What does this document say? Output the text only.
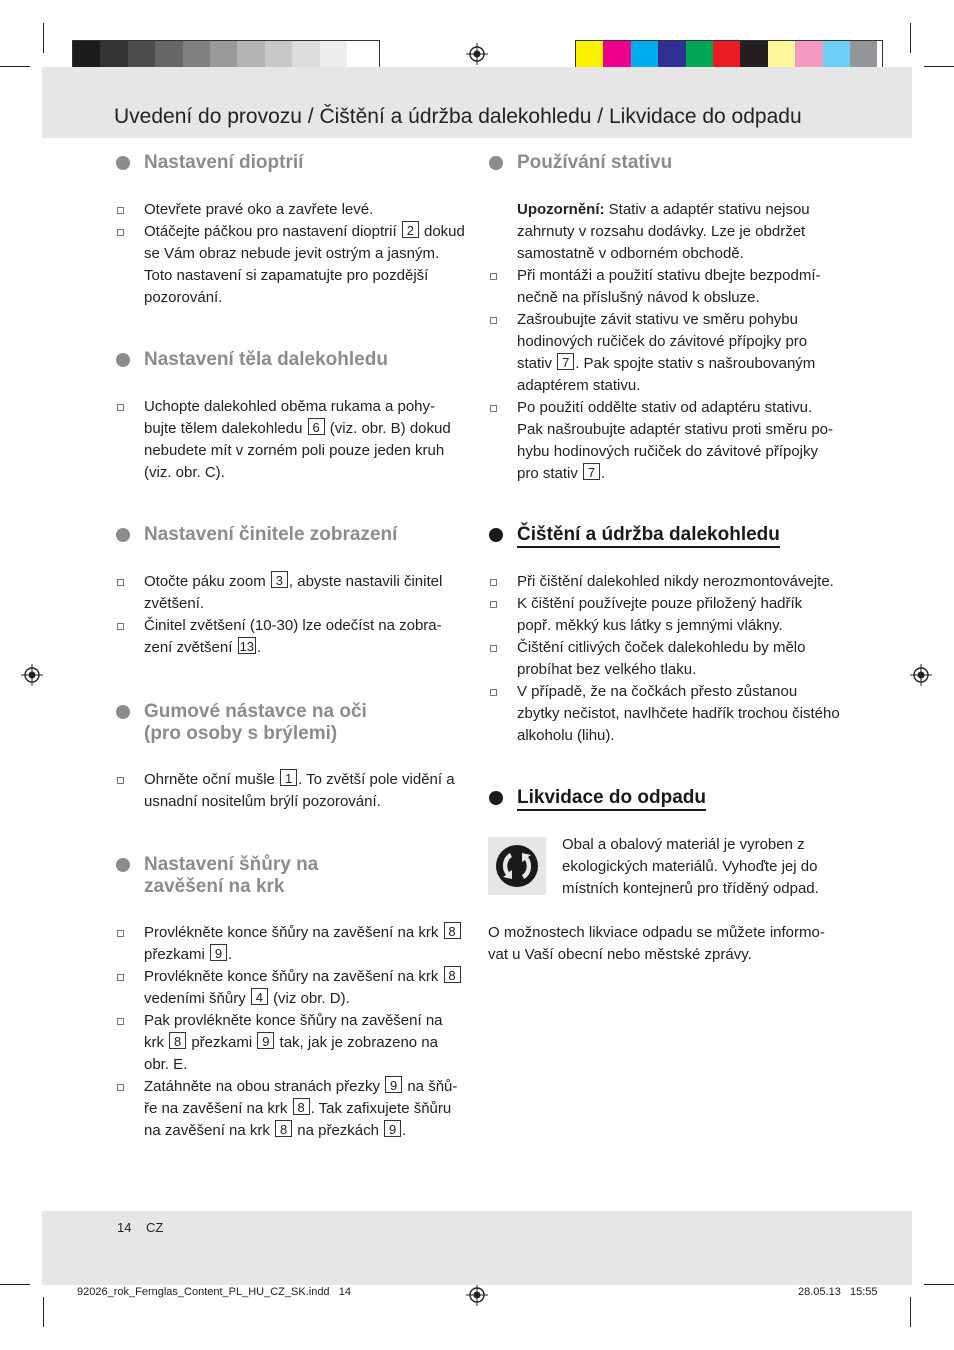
Uvedení do provozu / Čištění a údržba dalekohledu / Likvidace do odpadu
Nastavení dioptrií
Otevřete pravé oko a zavřete levé.
Otáčejte páčkou pro nastavení dioptrií 2 dokud
se Vám obraz nebude jevit ostrým a jasným.
Toto nastavení si zapamatujte pro pozdější
pozorování.
Nastavení těla dalekohledu
Uchopte dalekohled oběma rukama a pohy-
bujte tělem dalekohledu 6 (viz. obr. B) dokud
nebudete mít v zorném poli pouze jeden kruh
(viz. obr. C).
Nastavení činitele zobrazení
Otočte páku zoom 3 , abyste nastavili činitel
zvětšení.
Činitel zvětšení (10-30) lze odečíst na zobra-
zení zvětšení 13 .
Gumové nástavce na oči
(pro osoby s brýlemi)
Ohrněte oční mušle 1 . To zvětší pole vidění a
usnadní nositelům brýlí pozorování.
Nastavení šňůry na
zavěšení na krk
Provlékněte konce šňůry na zavěšení na krk 8
přezkami 9 .
Provlékněte konce šňůry na zavěšení na krk 8
vedeními šňůry 4 (viz obr. D).
Pak provlékněte konce šňůry na zavěšení na
krk 8 přezkami 9 tak, jak je zobrazeno na
obr. E.
Zatáhněte na obou stranách přezky 9 na šňů-
ře na zavěšení na krk 8 . Tak zafixujete šňůru
na zavěšení na krk 8 na přezkách 9 .
Používání stativu
Upozornění: Stativ a adaptér stativu nejsou
zahrnuty v rozsahu dodávky. Lze je obdržet
samostatně v odborném obchodě.
Při montáži a použití stativu dbejte bezpodmí-
nečně na příslušný návod k obsluze.
Zašroubujte závit stativu ve směru pohybu
hodinových ručiček do závitové přípojky pro
stativ 7 . Pak spojte stativ s našroubovaným
adaptérem stativu.
Po použití oddělte stativ od adaptéru stativu.
Pak našroubujte adaptér stativu proti směru po-
hybu hodinových ručiček do závitové přípojky
pro stativ 7 .
Čištění a údržba dalekohledu
Při čištění dalekohled nikdy nerozmontovávejte.
K čištění používejte pouze přiložený hadřík
popř. měkký kus látky s jemnými vlákny.
Čištění citlivých čoček dalekohledu by mělo
probíhat bez velkého tlaku.
V případě, že na čočkách přesto zůstanou
zbytky nečistot, navlhčete hadřík trochou čistého
alkoholu (lihu).
Likvidace do odpadu
Obal a obalový materiál je vyroben z
ekologických materiálů. Vyhoďte jej do
místních kontejnerů pro tříděný odpad.
O možnostech likviace odpadu se můžete informo-
vat u Vaší obecní nebo městské zprávy.
14 CZ
92026_rok_Fernglas_Content_PL_HU_CZ_SK.indd   14	28.05.13   15:55
